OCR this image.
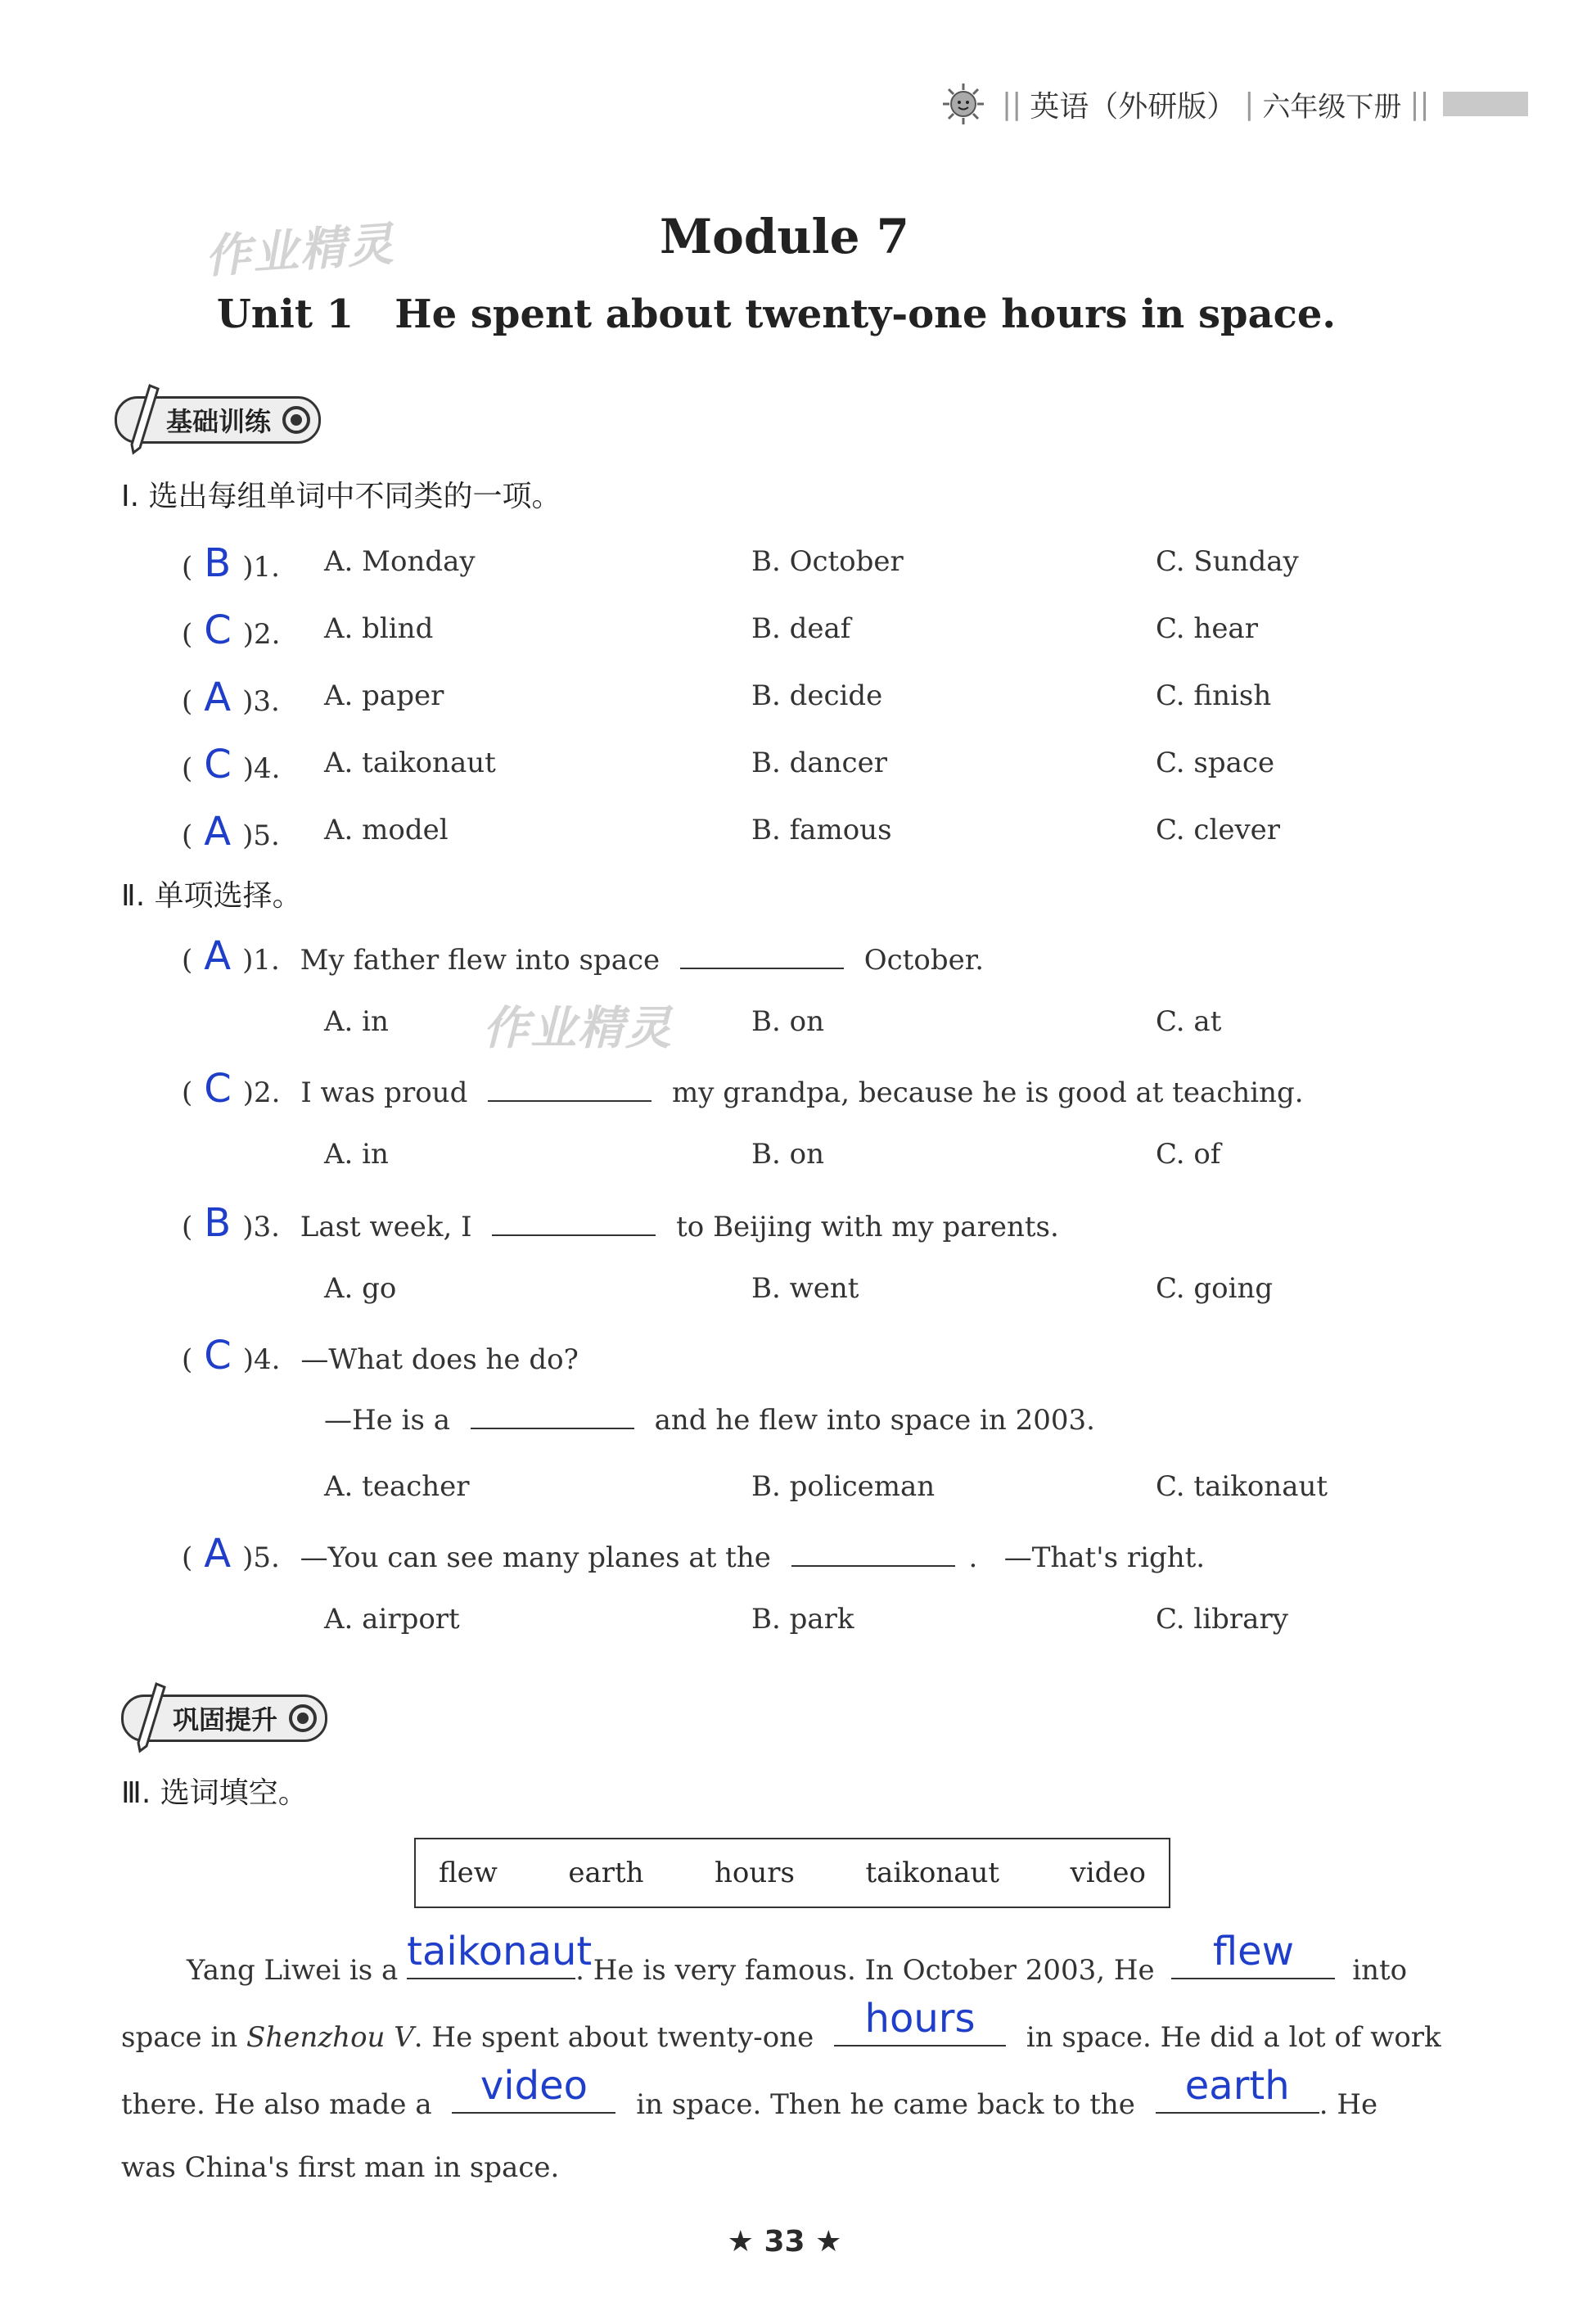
|| 英语（外研版） | 六年级下册 ||
作业精灵
作业精灵
Module 7
Unit 1   He spent about twenty-one hours in space.
基础训练
Ⅰ. 选出每组单词中不同类的一项。
( B )1. A. Monday	B. October	C. Sunday
( C )2. A. blind	B. deaf	C. hear
( A )3. A. paper	B. decide	C. finish
( C )4. A. taikonaut	B. dancer	C. space
( A )5. A. model	B. famous	C. clever
Ⅱ. 单项选择。
( A )1. My father flew into space	October.
A. in	B. on	C. at
( C )2. I was proud	my grandpa, because he is good at teaching.
A. in	B. on	C. of
( B )3. Last week, I	to Beijing with my parents.
A. go	B. went	C. going
( C )4. —What does he do?
—He is a	and he flew into space in 2003.
A. teacher	B. policeman	C. taikonaut
( A )5. —You can see many planes at the	.   —That's right.
A. airport	B. park	C. library
巩固提升
Ⅲ. 选词填空。
flew	earth	hours	taikonaut	video
Yang Liwei is a taikonaut
. He is very famous. In October 2003, He	flew	into
space in Shenzhou V. He spent about twenty-one	hours	in space. He did a lot of work
there. He also made a	video	in space. Then he came back to the	earth	. He
was China's first man in space.
★ 33 ★
